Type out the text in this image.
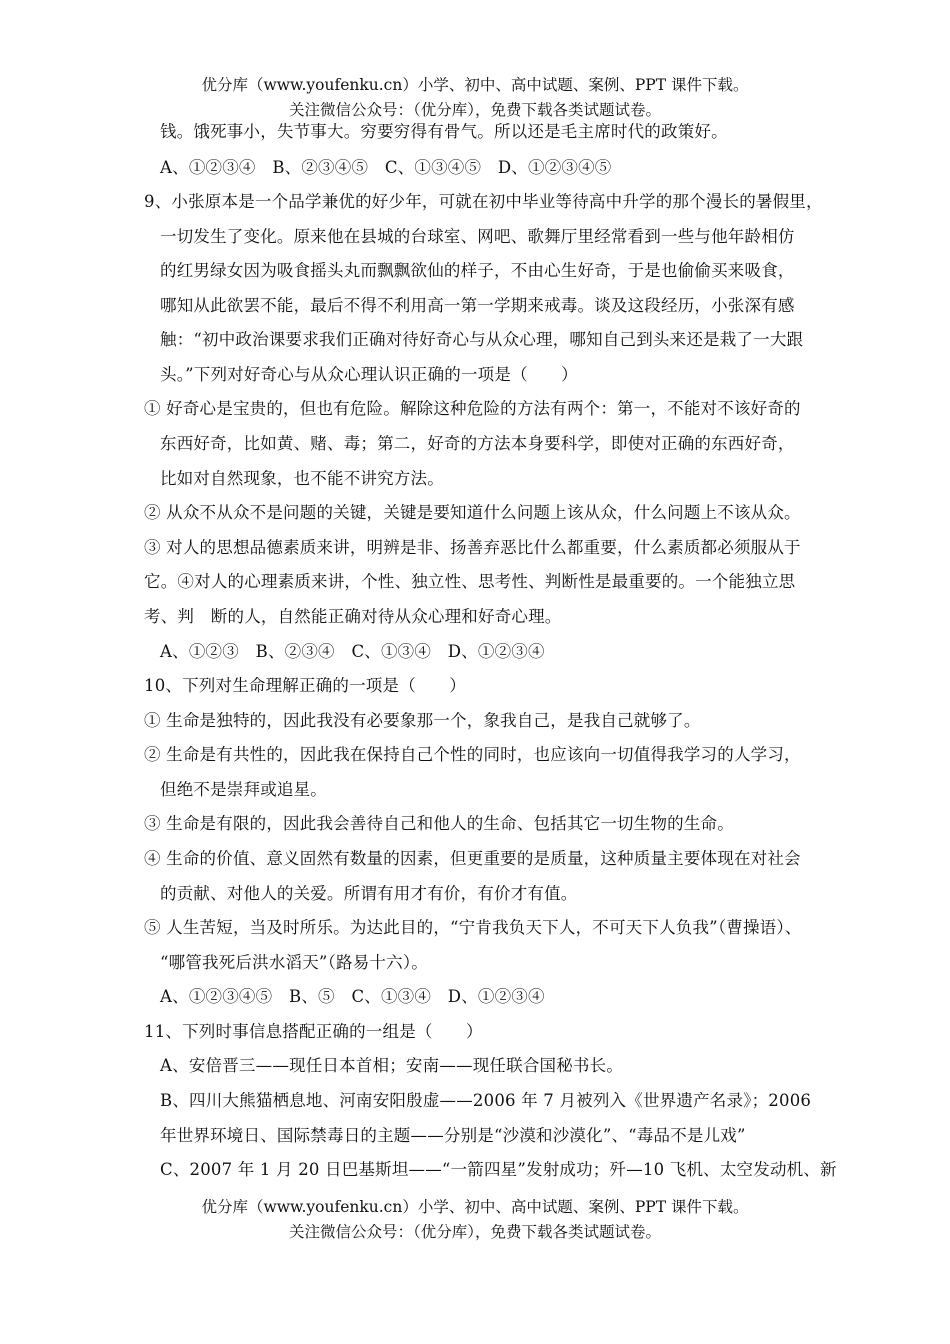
优分库（www.youfenku.cn）小学、初中、高中试题、案例、PPT 课件下载。
关注微信公众号：（优分库），免费下载各类试题试卷。
钱。饿死事小，失节事大。穷要穷得有骨气。所以还是毛主席时代的政策好。
A、①②③④　B、②③④⑤　C、①③④⑤　D、①②③④⑤
9、小张原本是一个品学兼优的好少年，可就在初中毕业等待高中升学的那个漫长的暑假里，
一切发生了变化。原来他在县城的台球室、网吧、歌舞厅里经常看到一些与他年龄相仿
的红男绿女因为吸食摇头丸而飘飘欲仙的样子，不由心生好奇，于是也偷偷买来吸食，
哪知从此欲罢不能，最后不得不利用高一第一学期来戒毒。谈及这段经历，小张深有感
触：“初中政治课要求我们正确对待好奇心与从众心理，哪知自己到头来还是栽了一大跟
头。”下列对好奇心与从众心理认识正确的一项是（　　）
① 好奇心是宝贵的，但也有危险。解除这种危险的方法有两个：第一，不能对不该好奇的
东西好奇，比如黄、赌、毒；第二，好奇的方法本身要科学，即使对正确的东西好奇，
比如对自然现象，也不能不讲究方法。
② 从众不从众不是问题的关键，关键是要知道什么问题上该从众，什么问题上不该从众。
③ 对人的思想品德素质来讲，明辨是非、扬善弃恶比什么都重要，什么素质都必须服从于
它。④对人的心理素质来讲，个性、独立性、思考性、判断性是最重要的。一个能独立思
考、判　断的人，自然能正确对待从众心理和好奇心理。
A、①②③　B、②③④　C、①③④　D、①②③④
10、下列对生命理解正确的一项是（　　）
① 生命是独特的，因此我没有必要象那一个，象我自己，是我自己就够了。
② 生命是有共性的，因此我在保持自己个性的同时，也应该向一切值得我学习的人学习，
但绝不是崇拜或追星。
③ 生命是有限的，因此我会善待自己和他人的生命、包括其它一切生物的生命。
④ 生命的价值、意义固然有数量的因素，但更重要的是质量，这种质量主要体现在对社会
的贡献、对他人的关爱。所谓有用才有价，有价才有值。
⑤ 人生苦短，当及时所乐。为达此目的，“宁肯我负天下人，不可天下人负我”（曹操语）、
“哪管我死后洪水滔天”（路易十六）。
A、①②③④⑤　B、⑤　C、①③④　D、①②③④
11、下列时事信息搭配正确的一组是（　　）
A、安倍晋三——现任日本首相；安南——现任联合国秘书长。
B、四川大熊猫栖息地、河南安阳殷虚——2006 年 7 月被列入《世界遗产名录》；2006
年世界环境日、国际禁毒日的主题——分别是“沙漠和沙漠化”、“毒品不是儿戏”
C、2007 年 1 月 20 日巴基斯坦——“一箭四星”发射成功；歼—10 飞机、太空发动机、新
优分库（www.youfenku.cn）小学、初中、高中试题、案例、PPT 课件下载。
关注微信公众号：（优分库），免费下载各类试题试卷。
